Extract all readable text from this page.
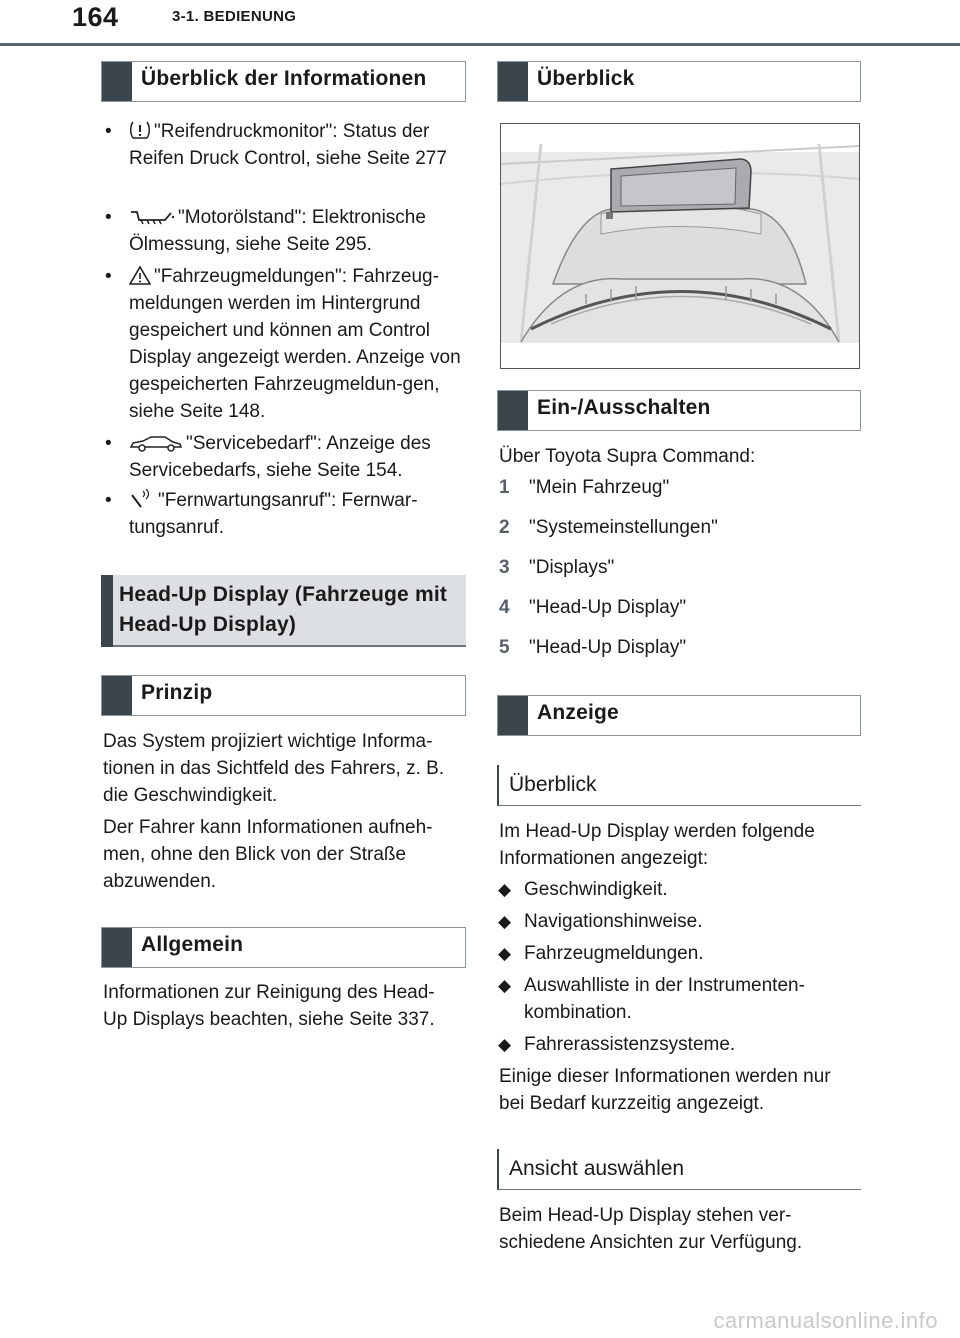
164	3-1. BEDIENUNG
Überblick der Informationen
• "Reifendruckmonitor": Status der Reifen Druck Control, siehe Seite 277
•	"Motorölstand": Elektronische Ölmessung, siehe Seite 295.
• "Fahrzeugmeldungen": Fahrzeug-meldungen werden im Hintergrund gespeichert und können am Control Display angezeigt werden. Anzeige von gespeicherten Fahrzeugmeldun-gen, siehe Seite 148.
•	"Servicebedarf": Anzeige des Servicebedarfs, siehe Seite 154.
• "Fernwartungsanruf": Fernwar-tungsanruf.
Head-Up Display (Fahrzeuge mit Head-Up Display)
Prinzip
Das System projiziert wichtige Informa-tionen in das Sichtfeld des Fahrers, z. B. die Geschwindigkeit.
Der Fahrer kann Informationen aufneh-men, ohne den Blick von der Straße abzuwenden.
Allgemein
Informationen zur Reinigung des Head-Up Displays beachten, siehe Seite 337.
Überblick
Ein-/Ausschalten
Über Toyota Supra Command:
1 "Mein Fahrzeug"
2 "Systemeinstellungen"
3 "Displays"
4 "Head-Up Display"
5 "Head-Up Display"
Anzeige
Überblick
Im Head-Up Display werden folgende Informationen angezeigt:
◆ Geschwindigkeit.
◆ Navigationshinweise.
◆ Fahrzeugmeldungen.
◆ Auswahlliste in der Instrumenten-kombination.
◆ Fahrerassistenzsysteme.
Einige dieser Informationen werden nur bei Bedarf kurzzeitig angezeigt.
Ansicht auswählen
Beim Head-Up Display stehen ver-schiedene Ansichten zur Verfügung.
carmanualsonline.info
